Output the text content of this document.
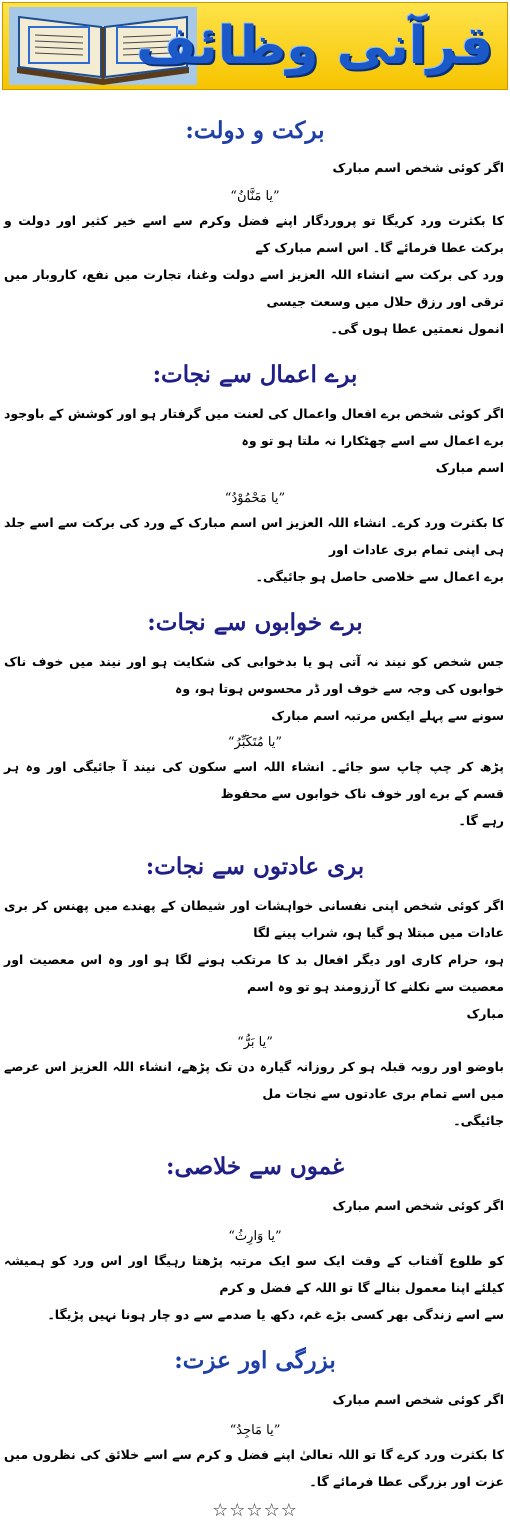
قرآنی وظائف
برکت و دولت:

اگر کوئی شخص اسم مبارک

”یا مَنَّانُ“

کا بکثرت ورد کریگا تو پروردگار اپنے فضل وکرم سے اسے خیر کثیر اور دولت و برکت عطا فرمائے گا۔ اس اسم مبارک کے

ورد کی برکت سے انشاء اللہ العزیز اسے دولت وغنا، تجارت میں نفع، کاروبار میں ترقی اور رزق حلال میں وسعت جیسی

انمول نعمتیں عطا ہوں گی۔

برے اعمال سے نجات:

اگر کوئی شخص برے افعال واعمال کی لعنت میں گرفتار ہو اور کوشش کے باوجود برے اعمال سے اسے چھٹکارا نہ ملتا ہو تو وہ

اسم مبارک

”یا مَحْمُوْدُ“

کا بکثرت ورد کرے۔ انشاء اللہ العزیز اس اسم مبارک کے ورد کی برکت سے اسے جلد ہی اپنی تمام بری عادات اور

برے اعمال سے خلاصی حاصل ہو جائیگی۔

برے خوابوں سے نجات:

جس شخص کو نیند نہ آتی ہو یا بدخوابی کی شکایت ہو اور نیند میں خوف ناک خوابوں کی وجہ سے خوف اور ڈر محسوس ہوتا ہو، وہ

سونے سے پہلے ایکس مرتبہ اسم مبارک

”یا مُتَکَبِّرُ“

پڑھ کر چپ چاپ سو جائے۔ انشاء اللہ اسے سکون کی نیند آ جائیگی اور وہ ہر قسم کے برے اور خوف ناک خوابوں سے محفوظ

رہے گا۔

بری عادتوں سے نجات:

اگر کوئی شخص اپنی نفسانی خواہشات اور شیطان کے پھندے میں پھنس کر بری عادات میں مبتلا ہو گیا ہو، شراب پینے لگا

ہو، حرام کاری اور دیگر افعال بد کا مرتکب ہونے لگا ہو اور وہ اس معصیت اور معصیت سے نکلنے کا آرزومند ہو تو وہ اسم

مبارک

”یا بَرُّ“

باوضو اور روبہ قبلہ ہو کر روزانہ گیارہ دن تک پڑھے، انشاء اللہ العزیز اس عرصے میں اسے تمام بری عادتوں سے نجات مل

جائیگی۔

غموں سے خلاصی:

اگر کوئی شخص اسم مبارک

”یا وَارِثُ“

کو طلوع آفتاب کے وقت ایک سو ایک مرتبہ پڑھتا رہیگا اور اس ورد کو ہمیشہ کیلئے اپنا معمول بنالے گا تو اللہ کے فضل و کرم

سے اسے زندگی بھر کسی بڑے غم، دکھ یا صدمے سے دو چار ہونا نہیں پڑیگا۔

بزرگی اور عزت:

اگر کوئی شخص اسم مبارک

”یا مَاجِدُ“

کا بکثرت ورد کرے گا تو اللہ تعالیٰ اپنے فضل و کرم سے اسے خلائق کی نظروں میں عزت اور بزرگی عطا فرمائے گا۔

☆☆☆☆☆
